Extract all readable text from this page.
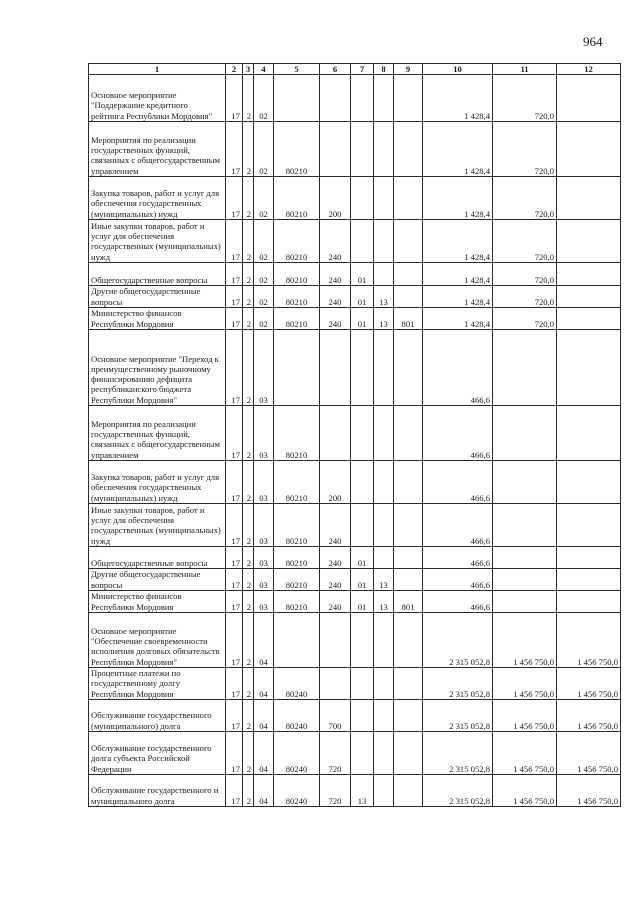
964
1	2	3	4	5	6	7	8	9	10	11	12
Основное мероприятие "Поддержание кредитного рейтинга Республики Мордовия"	17	2	02						1 428,4	720,0	
Мероприятия по реализации государственных функций, связанных с общегосударственным управлением	17	2	02	80210					1 428,4	720,0	
Закупка товаров, работ и услуг для обеспечения государственных (муниципальных) нужд	17	2	02	80210	200				1 428,4	720,0	
Иные закупки товаров, работ и услуг для обеспечения государственных (муниципальных) нужд	17	2	02	80210	240				1 428,4	720,0	
Общегосударственные вопросы	17	2	02	80210	240	01			1 428,4	720,0	
Другие общегосударственные вопросы	17	2	02	80210	240	01	13		1 428,4	720,0	
Министерство финансов Республики Мордовия	17	2	02	80210	240	01	13	801	1 428,4	720,0	
Основное мероприятие "Переход к преимущественному рыночному финансированию дефицита республиканского бюджета Республики Мордовия"	17	2	03						466,6		
Мероприятия по реализации государственных функций, связанных с общегосударственным управлением	17	2	03	80210					466,6		
Закупка товаров, работ и услуг для обеспечения государственных (муниципальных) нужд	17	2	03	80210	200				466,6		
Иные закупки товаров, работ и услуг для обеспечения государственных (муниципальных) нужд	17	2	03	80210	240				466,6		
Общегосударственные вопросы	17	2	03	80210	240	01			466,6		
Другие общегосударственные вопросы	17	2	03	80210	240	01	13		466,6		
Министерство финансов Республики Мордовия	17	2	03	80210	240	01	13	801	466,6		
Основное мероприятие "Обеспечение своевременности исполнения долговых обязательств Республики Мордовия"	17	2	04						2 315 052,8	1 456 750,0	1 456 750,0
Процентные платежи по государственному долгу Республики Мордовия	17	2	04	80240					2 315 052,8	1 456 750,0	1 456 750,0
Обслуживание государственного (муниципального) долга	17	2	04	80240	700				2 315 052,8	1 456 750,0	1 456 750,0
Обслуживание государственного долга субъекта Российской Федерации	17	2	04	80240	720				2 315 052,8	1 456 750,0	1 456 750,0
Обслуживание государственного и муниципального долга	17	2	04	80240	720	13			2 315 052,8	1 456 750,0	1 456 750,0
